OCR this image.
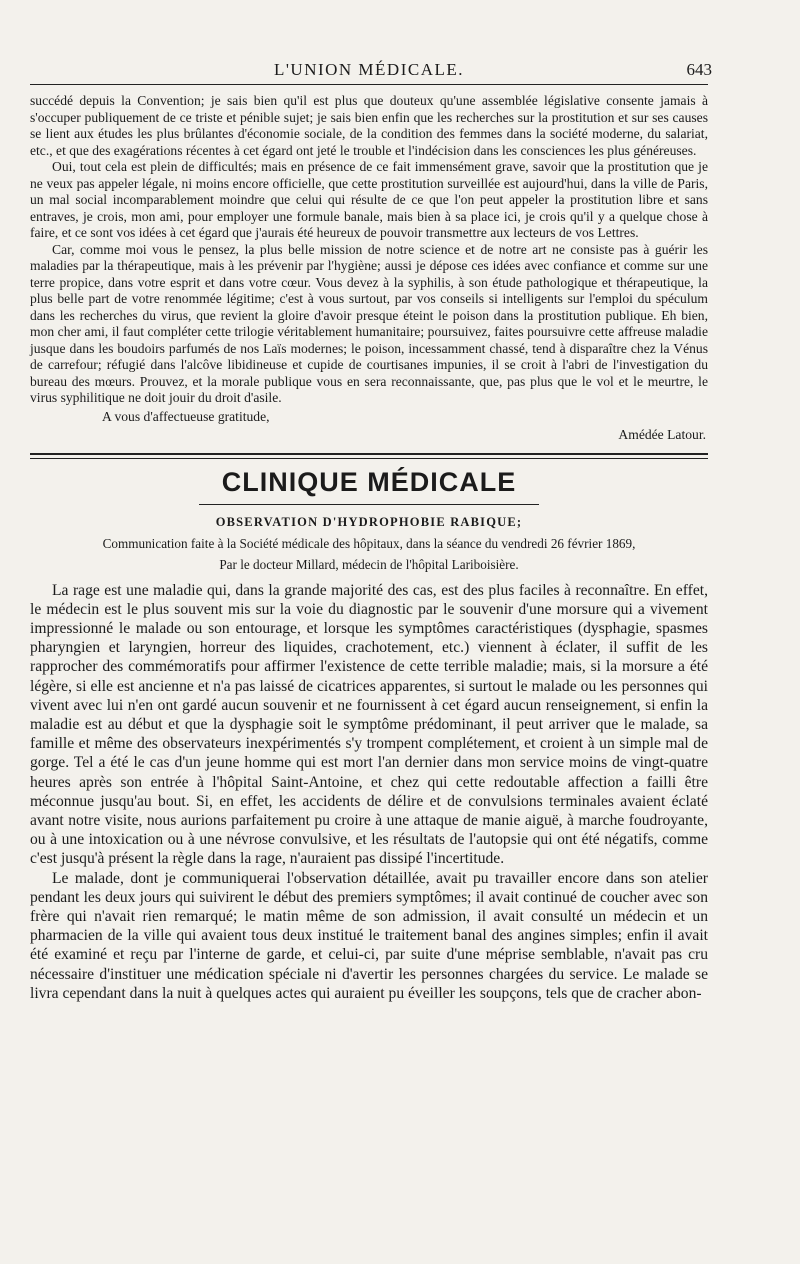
L'UNION MÉDICALE.	643

succédé depuis la Convention; je sais bien qu'il est plus que douteux qu'une assemblée législative consente jamais à s'occuper publiquement de ce triste et pénible sujet; je sais bien enfin que les recherches sur la prostitution et sur ses causes se lient aux études les plus brûlantes d'économie sociale, de la condition des femmes dans la société moderne, du salariat, etc., et que des exagérations récentes à cet égard ont jeté le trouble et l'indécision dans les consciences les plus généreuses.

Oui, tout cela est plein de difficultés; mais en présence de ce fait immensément grave, savoir que la prostitution que je ne veux pas appeler légale, ni moins encore officielle, que cette prostitution surveillée est aujourd'hui, dans la ville de Paris, un mal social incomparablement moindre que celui qui résulte de ce que l'on peut appeler la prostitution libre et sans entraves, je crois, mon ami, pour employer une formule banale, mais bien à sa place ici, je crois qu'il y a quelque chose à faire, et ce sont vos idées à cet égard que j'aurais été heureux de pouvoir transmettre aux lecteurs de vos Lettres.

Car, comme moi vous le pensez, la plus belle mission de notre science et de notre art ne consiste pas à guérir les maladies par la thérapeutique, mais à les prévenir par l'hygiène; aussi je dépose ces idées avec confiance et comme sur une terre propice, dans votre esprit et dans votre cœur. Vous devez à la syphilis, à son étude pathologique et thérapeutique, la plus belle part de votre renommée légitime; c'est à vous surtout, par vos conseils si intelligents sur l'emploi du spéculum dans les recherches du virus, que revient la gloire d'avoir presque éteint le poison dans la prostitution publique. Eh bien, mon cher ami, il faut compléter cette trilogie véritablement humanitaire; poursuivez, faites poursuivre cette affreuse maladie jusque dans les boudoirs parfumés de nos Laïs modernes; le poison, incessamment chassé, tend à disparaître chez la Vénus de carrefour; réfugié dans l'alcôve libidineuse et cupide de courtisanes impunies, il se croit à l'abri de l'investigation du bureau des mœurs. Prouvez, et la morale publique vous en sera reconnaissante, que, pas plus que le vol et le meurtre, le virus syphilitique ne doit jouir du droit d'asile.

A vous d'affectueuse gratitude,
Amédée Latour.
CLINIQUE MÉDICALE
OBSERVATION D'HYDROPHOBIE RABIQUE;
Communication faite à la Société médicale des hôpitaux, dans la séance du vendredi 26 février 1869,
Par le docteur Millard, médecin de l'hôpital Lariboisière.

La rage est une maladie qui, dans la grande majorité des cas, est des plus faciles à reconnaître. En effet, le médecin est le plus souvent mis sur la voie du diagnostic par le souvenir d'une morsure qui a vivement impressionné le malade ou son entourage, et lorsque les symptômes caractéristiques (dysphagie, spasmes pharyngien et laryngien, horreur des liquides, crachotement, etc.) viennent à éclater, il suffit de les rapprocher des commémoratifs pour affirmer l'existence de cette terrible maladie; mais, si la morsure a été légère, si elle est ancienne et n'a pas laissé de cicatrices apparentes, si surtout le malade ou les personnes qui vivent avec lui n'en ont gardé aucun souvenir et ne fournissent à cet égard aucun renseignement, si enfin la maladie est au début et que la dysphagie soit le symptôme prédominant, il peut arriver que le malade, sa famille et même des observateurs inexpérimentés s'y trompent complétement, et croient à un simple mal de gorge. Tel a été le cas d'un jeune homme qui est mort l'an dernier dans mon service moins de vingt-quatre heures après son entrée à l'hôpital Saint-Antoine, et chez qui cette redoutable affection a failli être méconnue jusqu'au bout. Si, en effet, les accidents de délire et de convulsions terminales avaient éclaté avant notre visite, nous aurions parfaitement pu croire à une attaque de manie aiguë, à marche foudroyante, ou à une intoxication ou à une névrose convulsive, et les résultats de l'autopsie qui ont été négatifs, comme c'est jusqu'à présent la règle dans la rage, n'auraient pas dissipé l'incertitude.

Le malade, dont je communiquerai l'observation détaillée, avait pu travailler encore dans son atelier pendant les deux jours qui suivirent le début des premiers symptômes; il avait continué de coucher avec son frère qui n'avait rien remarqué; le matin même de son admission, il avait consulté un médecin et un pharmacien de la ville qui avaient tous deux institué le traitement banal des angines simples; enfin il avait été examiné et reçu par l'interne de garde, et celui-ci, par suite d'une méprise semblable, n'avait pas cru nécessaire d'instituer une médication spéciale ni d'avertir les personnes chargées du service. Le malade se livra cependant dans la nuit à quelques actes qui auraient pu éveiller les soupçons, tels que de cracher abon-
